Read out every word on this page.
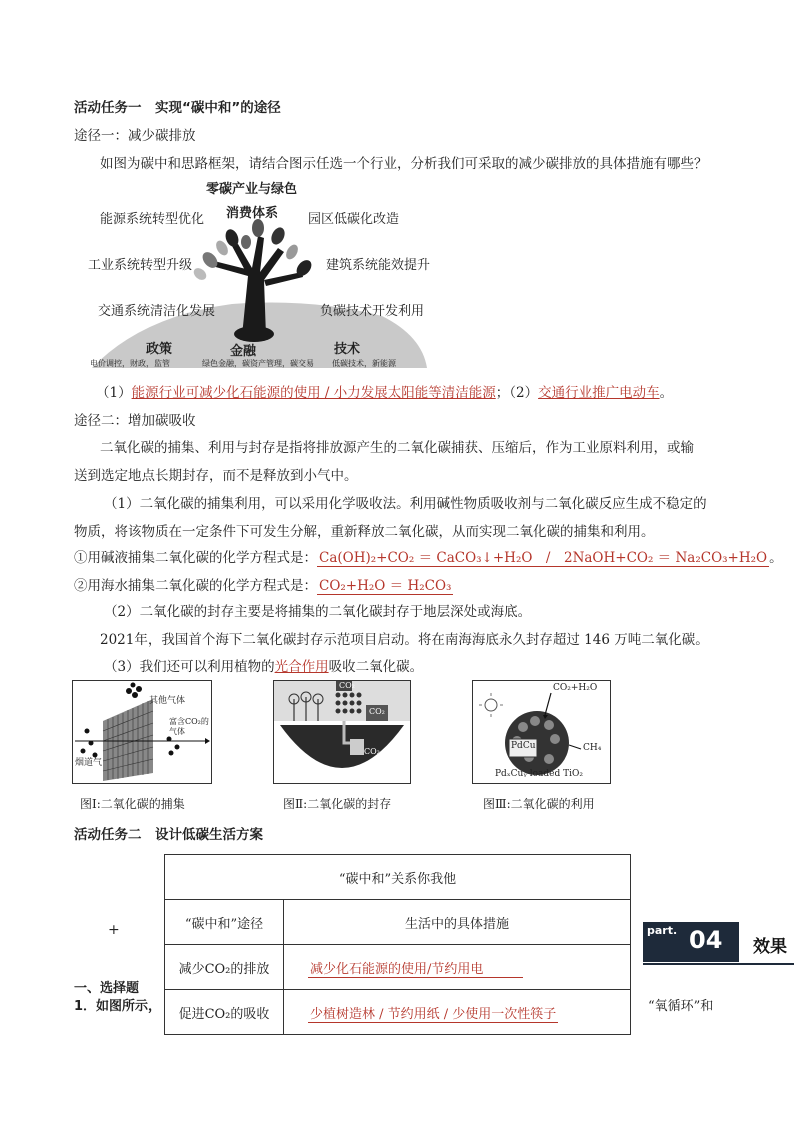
活动任务一　实现“碳中和”的途径
途径一：减少碳排放
如图为碳中和思路框架，请结合图示任选一个行业，分析我们可采取的减少碳排放的具体措施有哪些？
零碳产业与绿色
消费体系
能源系统转型优化
工业系统转型升级
交通系统清洁化发展
园区低碳化改造
建筑系统能效提升
负碳技术开发利用
政策
电价调控，财政，监管
金融
绿色金融，碳资产管理，碳交易
技术
低碳技术，新能源
（1）能源行业可减少化石能源的使用 / 小力发展太阳能等清洁能源；（2）交通行业推广电动车。
途径二：增加碳吸收
二氧化碳的捕集、利用与封存是指将排放源产生的二氧化碳捕获、压缩后，作为工业原料利用，或输
送到选定地点长期封存，而不是释放到小气中。
（1）二氧化碳的捕集利用，可以采用化学吸收法。利用碱性物质吸收剂与二氧化碳反应生成不稳定的
物质，将该物质在一定条件下可发生分解，重新释放二氧化碳，从而实现二氧化碳的捕集和利用。
①用碱液捕集二氧化碳的化学方程式是： Ca(OH)₂+CO₂ ＝ CaCO₃↓+H₂O　/　2NaOH+CO₂ ＝ Na₂CO₃+H₂O 。
②用海水捕集二氧化碳的化学方程式是： CO₂+H₂O ＝ H₂CO₃
（2）二氧化碳的封存主要是将捕集的二氧化碳封存于地层深处或海底。
2021年，我国首个海下二氧化碳封存示范项目启动。将在南海海底永久封存超过 146 万吨二氧化碳。
（3）我们还可以利用植物的光合作用吸收二氧化碳。
其他气体
富含CO₂的气体
烟道气
图Ⅰ:二氧化碳的捕集
CO₂
CO₂
CO₂
图Ⅱ:二氧化碳的封存
CO₂+H₂O
PdCu	CH₄
PdₓCuᵧ-loaded TiO₂
图Ⅲ:二氧化碳的利用
活动任务二　设计低碳生活方案
“碳中和”关系你我他	
“碳中和”途径	生活中的具体措施
减少CO₂的排放	减少化石能源的使用/节约用电
促进CO₂的吸收	少植树造林 / 节约用纸 / 少使用一次性筷子
+
一、选择题
1．如图所示，	“氧循环”和
part. 04 效果
